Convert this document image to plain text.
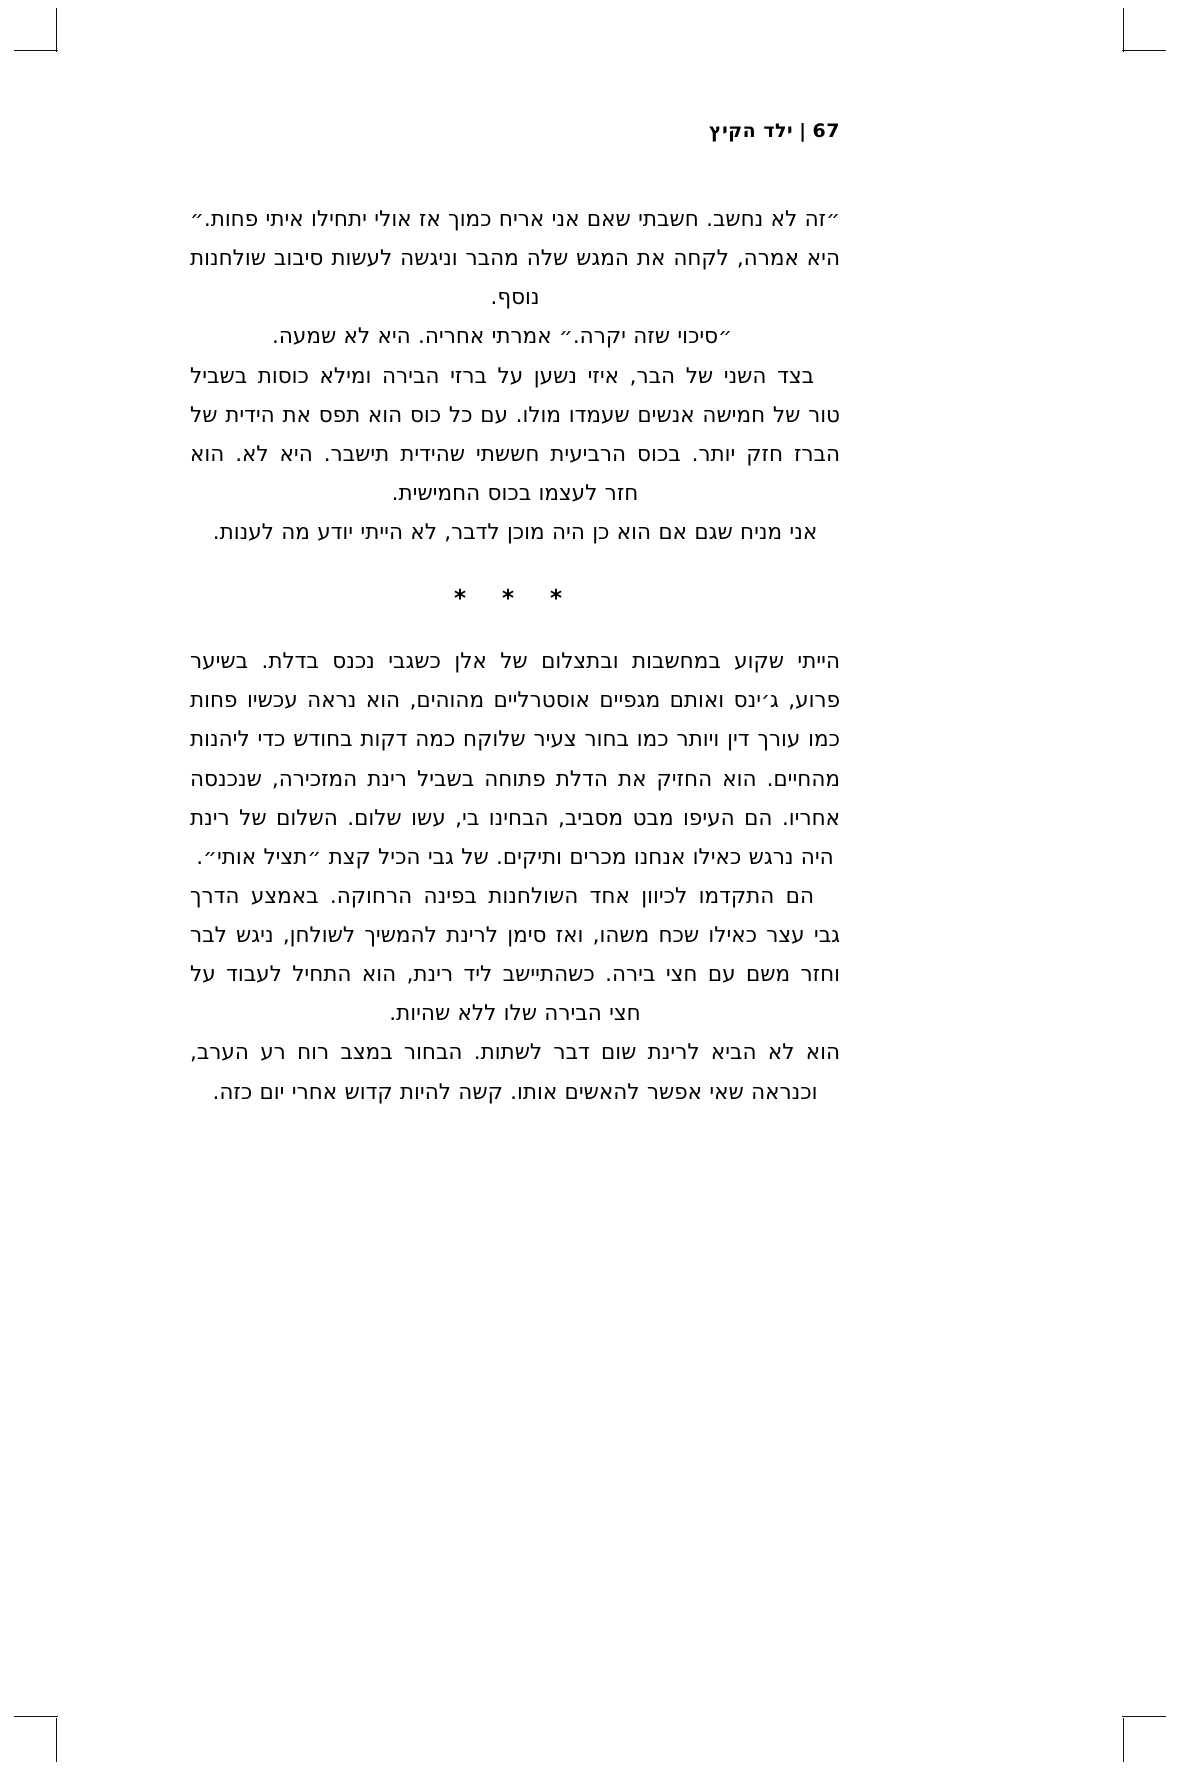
67|ילד הקיץ

״זה לא נחשב. חשבתי שאם אני אריח כמוך אז אולי יתחילו איתי פחות.״ היא אמרה, לקחה את המגש שלה מהבר וניגשה לעשות סיבוב שולחנות נוסף.

״סיכוי שזה יקרה.״ אמרתי אחריה. היא לא שמעה.

בצד השני של הבר, איזי נשען על ברזי הבירה ומילא כוסות בשביל טור של חמישה אנשים שעמדו מולו. עם כל כוס הוא תפס את הידית של הברז חזק יותר. בכוס הרביעית חששתי שהידית תישבר. היא לא. הוא חזר לעצמו בכוס החמישית.

אני מניח שגם אם הוא כן היה מוכן לדבר, לא הייתי יודע מה לענות.

* * *

הייתי שקוע במחשבות ובתצלום של אלן כשגבי נכנס בדלת. בשיער פרוע, ג׳ינס ואותם מגפיים אוסטרליים מהוהים, הוא נראה עכשיו פחות כמו עורך דין ויותר כמו בחור צעיר שלוקח כמה דקות בחודש כדי ליהנות מהחיים. הוא החזיק את הדלת פתוחה בשביל רינת המזכירה, שנכנסה אחריו. הם העיפו מבט מסביב, הבחינו בי, עשו שלום. השלום של רינת היה נרגש כאילו אנחנו מכרים ותיקים. של גבי הכיל קצת ״תציל אותי״.

הם התקדמו לכיוון אחד השולחנות בפינה הרחוקה. באמצע הדרך גבי עצר כאילו שכח משהו, ואז סימן לרינת להמשיך לשולחן, ניגש לבר וחזר משם עם חצי בירה. כשהתיישב ליד רינת, הוא התחיל לעבוד על חצי הבירה שלו ללא שהיות.

הוא לא הביא לרינת שום דבר לשתות. הבחור במצב רוח רע הערב, וכנראה שאי אפשר להאשים אותו. קשה להיות קדוש אחרי יום כזה.
